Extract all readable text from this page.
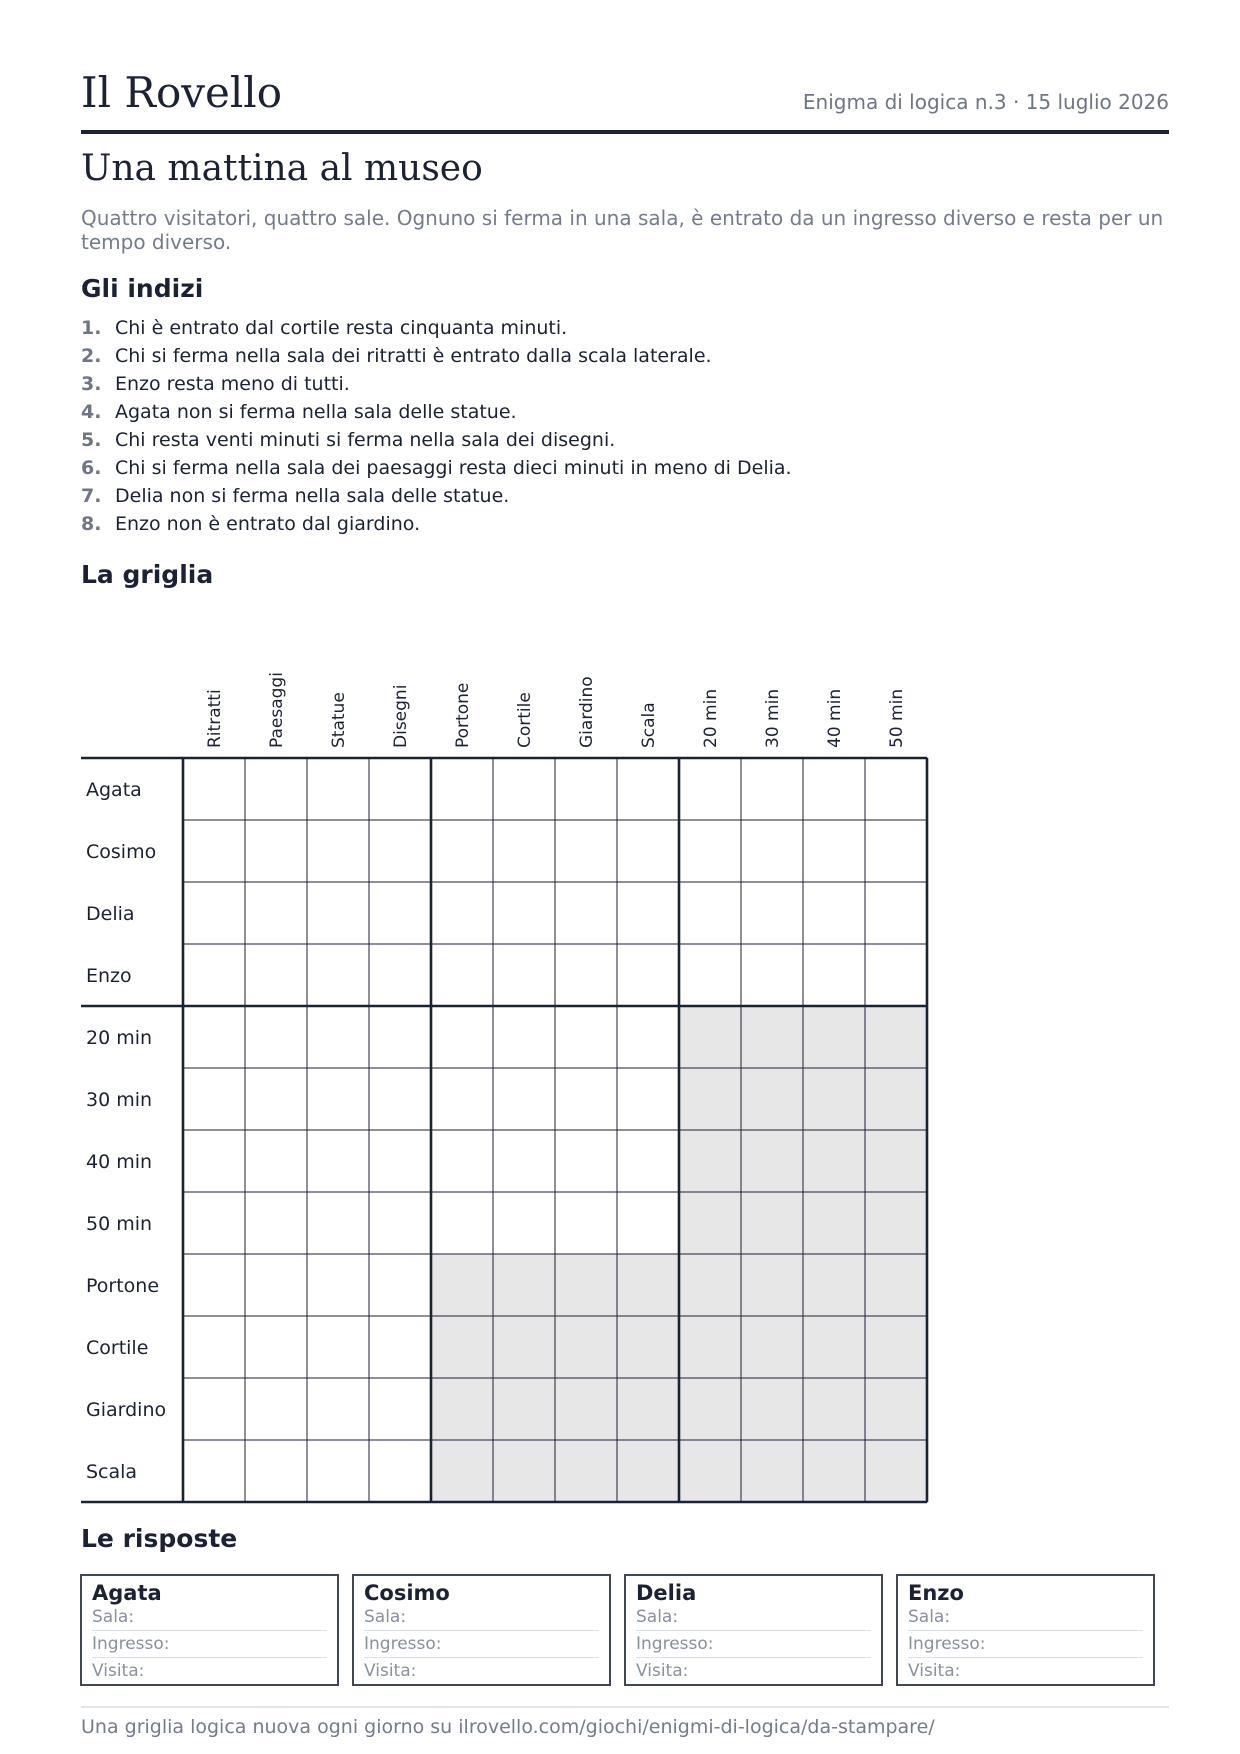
Il Rovello	Enigma di logica n.3 · 15 luglio 2026
Una mattina al museo

Quattro visitatori, quattro sale. Ognuno si ferma in una sala, è entrato da un ingresso diverso e resta per un tempo diverso.

Gli indizi
1. Chi è entrato dal cortile resta cinquanta minuti.
2. Chi si ferma nella sala dei ritratti è entrato dalla scala laterale.
3. Enzo resta meno di tutti.
4. Agata non si ferma nella sala delle statue.
5. Chi resta venti minuti si ferma nella sala dei disegni.
6. Chi si ferma nella sala dei paesaggi resta dieci minuti in meno di Delia.
7. Delia non si ferma nella sala delle statue.
8. Enzo non è entrato dal giardino.
La griglia
Ritratti Paesaggi Statue Disegni Portone Cortile Giardino Scala 20 min 30 min 40 min 50 min
Agata
Cosimo
Delia
Enzo
20 min
30 min
40 min
50 min
Portone
Cortile
Giardino
Scala
Le risposte
Agata
Sala:
Ingresso:
Visita:
Cosimo
Sala:
Ingresso:
Visita:
Delia
Sala:
Ingresso:
Visita:
Enzo
Sala:
Ingresso:
Visita:
Una griglia logica nuova ogni giorno su ilrovello.com/giochi/enigmi-di-logica/da-stampare/
